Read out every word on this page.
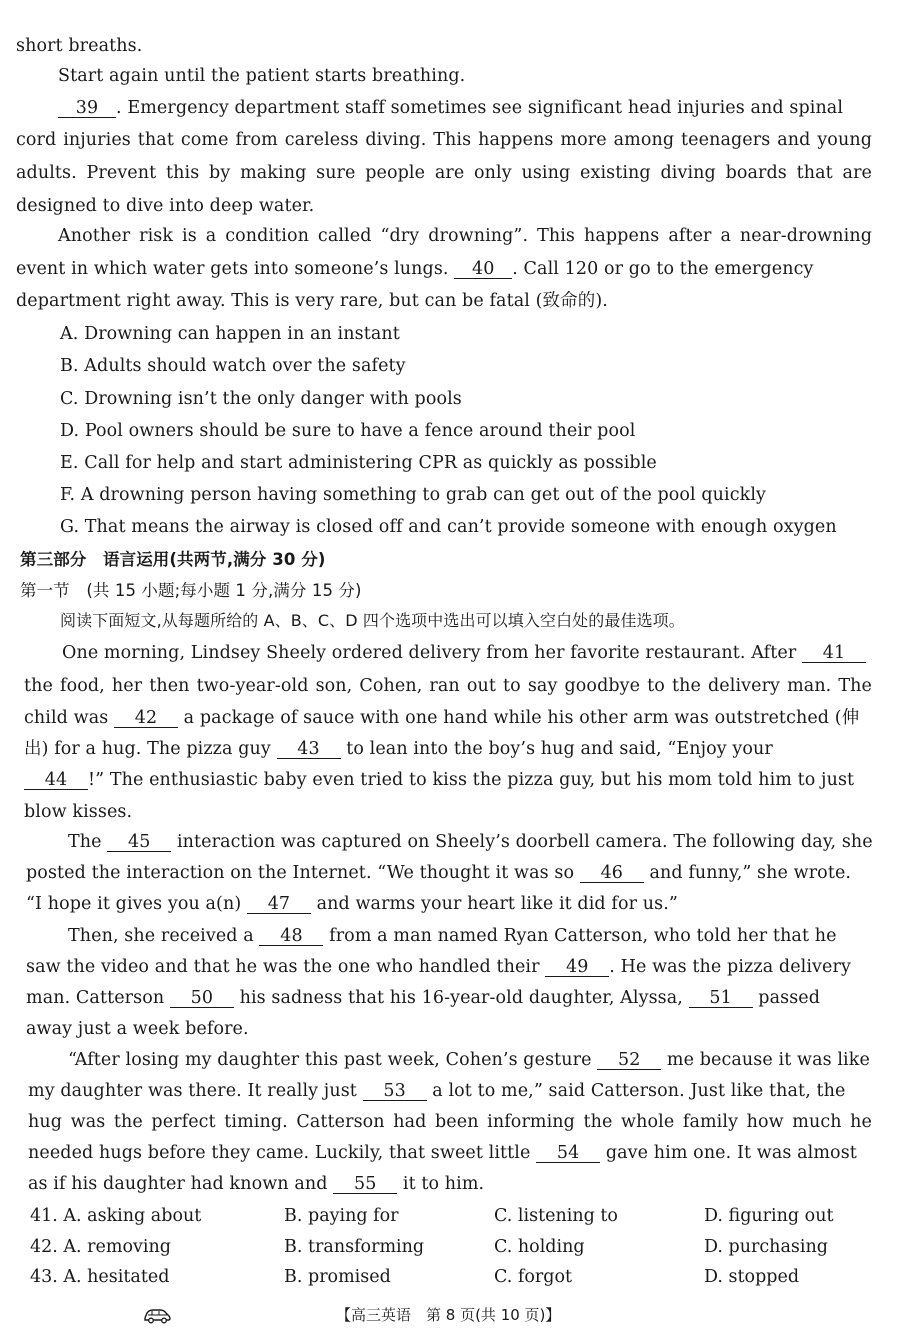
short breaths.
Start again until the patient starts breathing.
39 . Emergency department staff sometimes see significant head injuries and spinal
cord injuries that come from careless diving. This happens more among teenagers and young
adults. Prevent this by making sure people are only using existing diving boards that are
designed to dive into deep water.
Another risk is a condition called “dry drowning”. This happens after a near-drowning
event in which water gets into someone’s lungs. 40 . Call 120 or go to the emergency
department right away. This is very rare, but can be fatal (致命的).
A. Drowning can happen in an instant
B. Adults should watch over the safety
C. Drowning isn’t the only danger with pools
D. Pool owners should be sure to have a fence around their pool
E. Call for help and start administering CPR as quickly as possible
F. A drowning person having something to grab can get out of the pool quickly
G. That means the airway is closed off and can’t provide someone with enough oxygen
第三部分　语言运用(共两节,满分 30 分)
第一节　(共 15 小题;每小题 1 分,满分 15 分)
阅读下面短文,从每题所给的 A、B、C、D 四个选项中选出可以填入空白处的最佳选项。
One morning, Lindsey Sheely ordered delivery from her favorite restaurant. After 41
the food, her then two-year-old son, Cohen, ran out to say goodbye to the delivery man. The
child was 42 a package of sauce with one hand while his other arm was outstretched (伸
出) for a hug. The pizza guy 43 to lean into the boy’s hug and said, “Enjoy your
44 !” The enthusiastic baby even tried to kiss the pizza guy, but his mom told him to just
blow kisses.
The 45 interaction was captured on Sheely’s doorbell camera. The following day, she
posted the interaction on the Internet. “We thought it was so 46 and funny,” she wrote.
“I hope it gives you a(n) 47 and warms your heart like it did for us.”
Then, she received a 48 from a man named Ryan Catterson, who told her that he
saw the video and that he was the one who handled their 49 . He was the pizza delivery
man. Catterson 50 his sadness that his 16-year-old daughter, Alyssa, 51 passed
away just a week before.
“After losing my daughter this past week, Cohen’s gesture 52 me because it was like
my daughter was there. It really just 53 a lot to me,” said Catterson. Just like that, the
hug was the perfect timing. Catterson had been informing the whole family how much he
needed hugs before they came. Luckily, that sweet little 54 gave him one. It was almost
as if his daughter had known and 55 it to him.
41. A. asking about	B. paying for	C. listening to	D. figuring out
42. A. removing	B. transforming	C. holding	D. purchasing
43. A. hesitated	B. promised	C. forgot	D. stopped
【高三英语　第 8 页(共 10 页)】
